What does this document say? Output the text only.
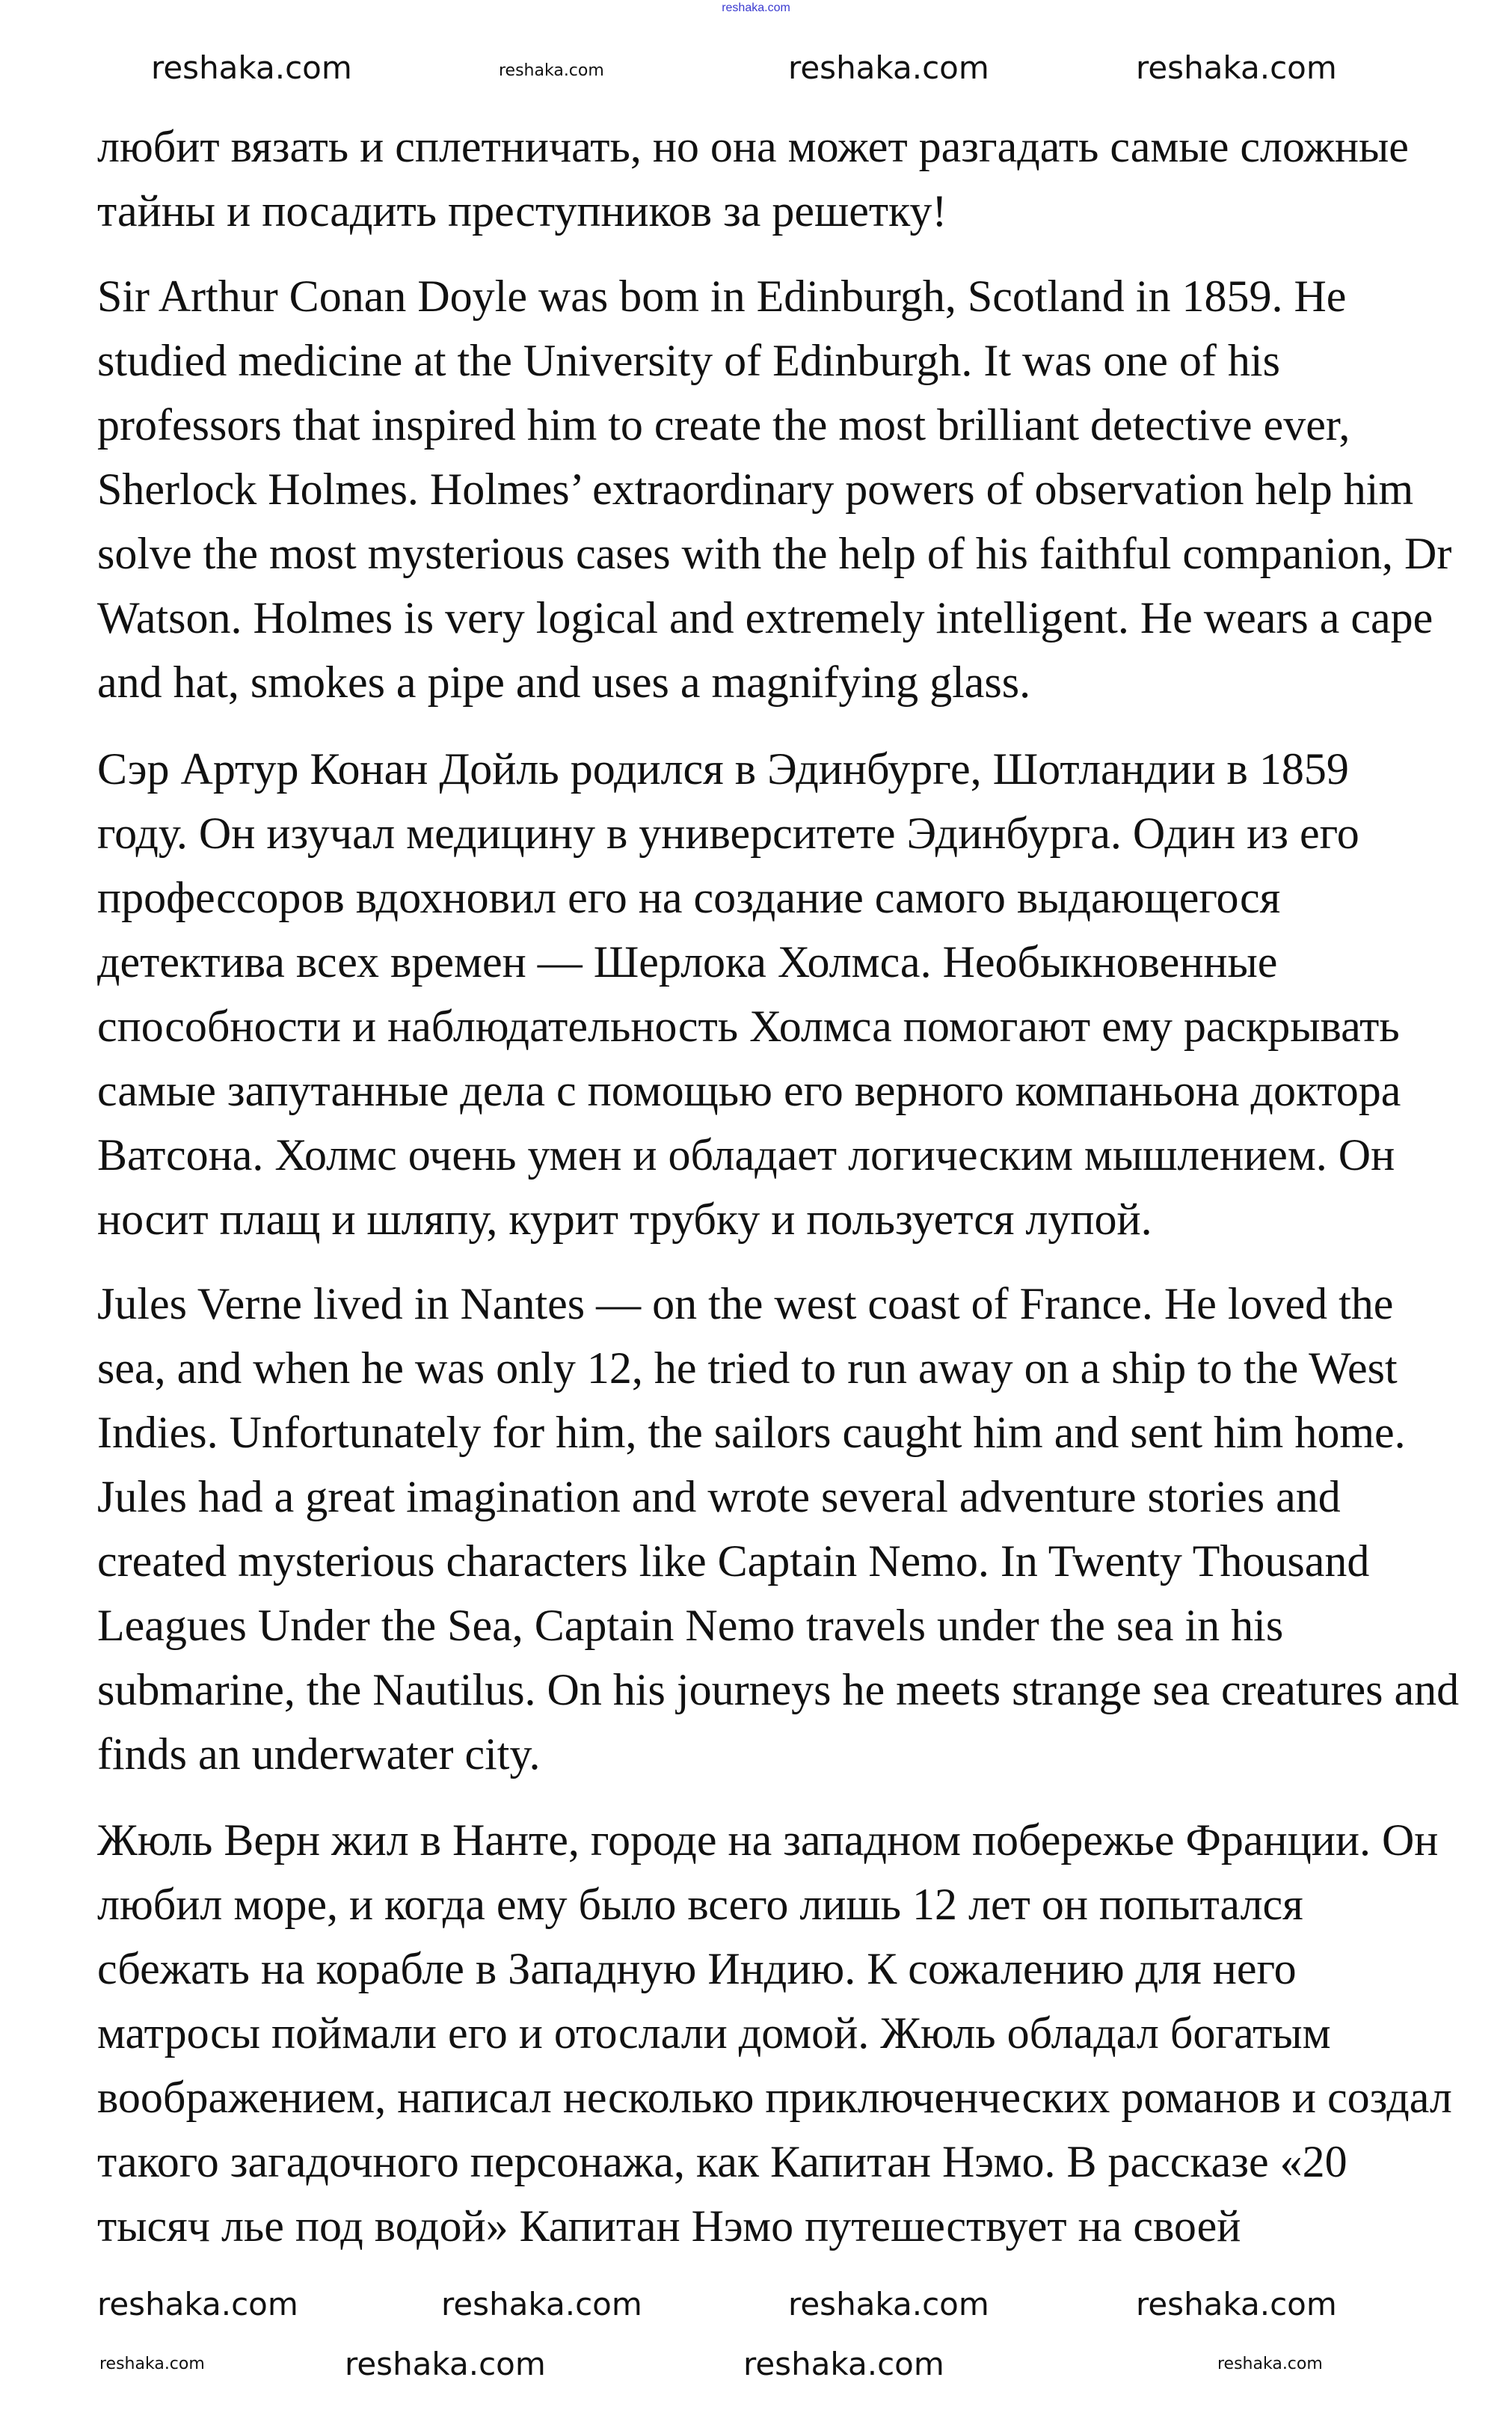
reshaka.com
любит вязать и сплетничать, но она может разгадать самые сложные
тайны и посадить преступников за решетку!
Sir Arthur Conan Doyle was bom in Edinburgh, Scotland in 1859. He
studied medicine at the University of Edinburgh. It was one of his
professors that inspired him to create the most brilliant detective ever,
Sherlock Holmes. Holmes’ extraordinary powers of observation help him
solve the most mysterious cases with the help of his faithful companion, Dr
Watson. Holmes is very logical and extremely intelligent. He wears a cape
and hat, smokes a pipe and uses a magnifying glass.
Сэр Артур Конан Дойль родился в Эдинбурге, Шотландии в 1859
году. Он изучал медицину в университете Эдинбурга. Один из его
профессоров вдохновил его на создание самого выдающегося
детектива всех времен — Шерлока Холмса. Необыкновенные
способности и наблюдательность Холмса помогают ему раскрывать
самые запутанные дела с помощью его верного компаньона доктора
Ватсона. Холмс очень умен и обладает логическим мышлением. Он
носит плащ и шляпу, курит трубку и пользуется лупой.
Jules Verne lived in Nantes — on the west coast of France. He loved the
sea, and when he was only 12, he tried to run away on a ship to the West
Indies. Unfortunately for him, the sailors caught him and sent him home.
Jules had a great imagination and wrote several adventure stories and
created mysterious characters like Captain Nemo. In Twenty Thousand
Leagues Under the Sea, Captain Nemo travels under the sea in his
submarine, the Nautilus. On his journeys he meets strange sea creatures and
finds an underwater city.
Жюль Верн жил в Нанте, городе на западном побережье Франции. Он
любил море, и когда ему было всего лишь 12 лет он попытался
сбежать на корабле в Западную Индию. К сожалению для него
матросы поймали его и отослали домой. Жюль обладал богатым
воображением, написал несколько приключенческих романов и создал
такого загадочного персонажа, как Капитан Нэмо. В рассказе «20
тысяч лье под водой» Капитан Нэмо путешествует на своей
reshaka.com	reshaka.com	reshaka.com	reshaka.com
reshaka.com	reshaka.com	reshaka.com	reshaka.com
reshaka.com	reshaka.com	reshaka.com	reshaka.com
